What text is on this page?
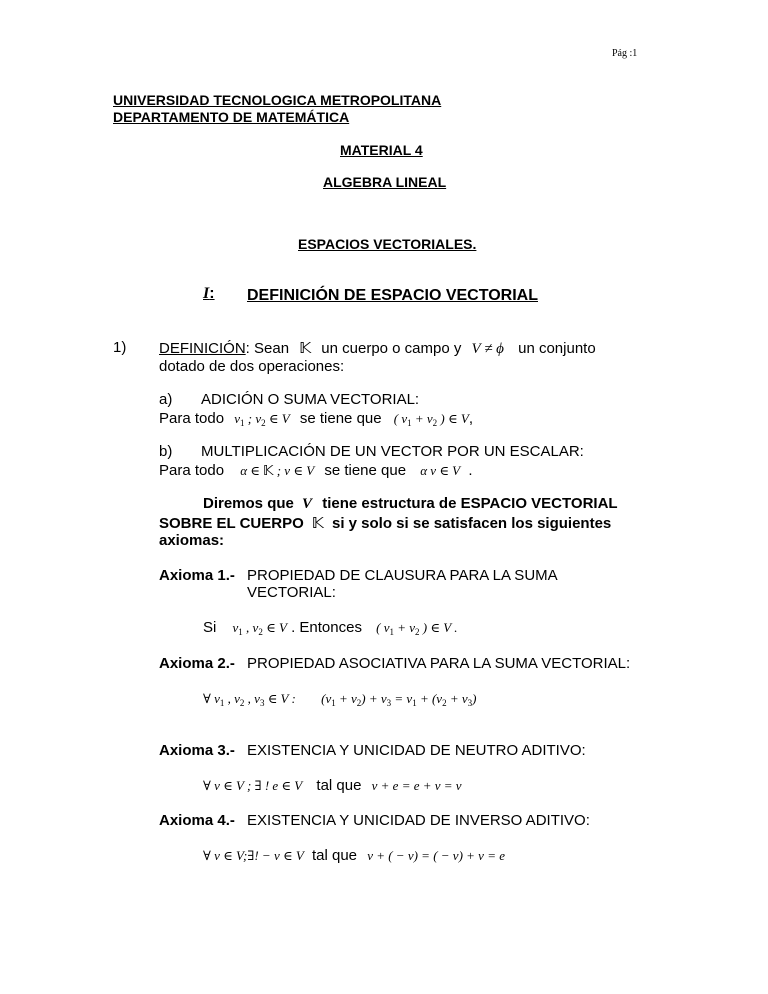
Pág :1
UNIVERSIDAD TECNOLOGICA METROPOLITANA
DEPARTAMENTO DE MATEMÁTICA
MATERIAL 4
ALGEBRA LINEAL
ESPACIOS VECTORIALES.
I: DEFINICIÓN DE ESPACIO VECTORIAL
1) DEFINICIÓN: Sean 𝕂 un cuerpo o campo y V ≠ ϕ un conjunto
dotado de dos operaciones:
a) ADICIÓN O SUMA VECTORIAL:
Para todo $v_1$ ; $v_2$ ∈ V se tiene que ( $v_1 + v_2$ ) ∈ V,
b) MULTIPLICACIÓN DE UN VECTOR POR UN ESCALAR:
Para todo α ∈ 𝕂 ; v ∈ V se tiene que α v ∈ V .
Diremos que V tiene estructura de ESPACIO VECTORIAL
SOBRE EL CUERPO 𝕂 si y solo si se satisfacen los siguientes
axiomas:
Axioma 1.- PROPIEDAD DE CLAUSURA PARA LA SUMA
VECTORIAL:
Si $v_1$ , $v_2$ ∈ V . Entonces ( $v_1 + v_2$ ) ∈ V .
Axioma 2.- PROPIEDAD ASOCIATIVA PARA LA SUMA VECTORIAL:
∀ $v_1$ , $v_2$ , $v_3$ ∈ V : $(v_1 + v_2) + v_3 = v_1 + (v_2 + v_3)$
Axioma 3.- EXISTENCIA Y UNICIDAD DE NEUTRO ADITIVO:
∀ v ∈ V ; ∃ ! e ∈ V tal que v + e = e + v = v
Axioma 4.- EXISTENCIA Y UNICIDAD DE INVERSO ADITIVO:
∀ v ∈ V;∃! − v ∈ V tal que v + ( − v) = ( − v) + v = e
